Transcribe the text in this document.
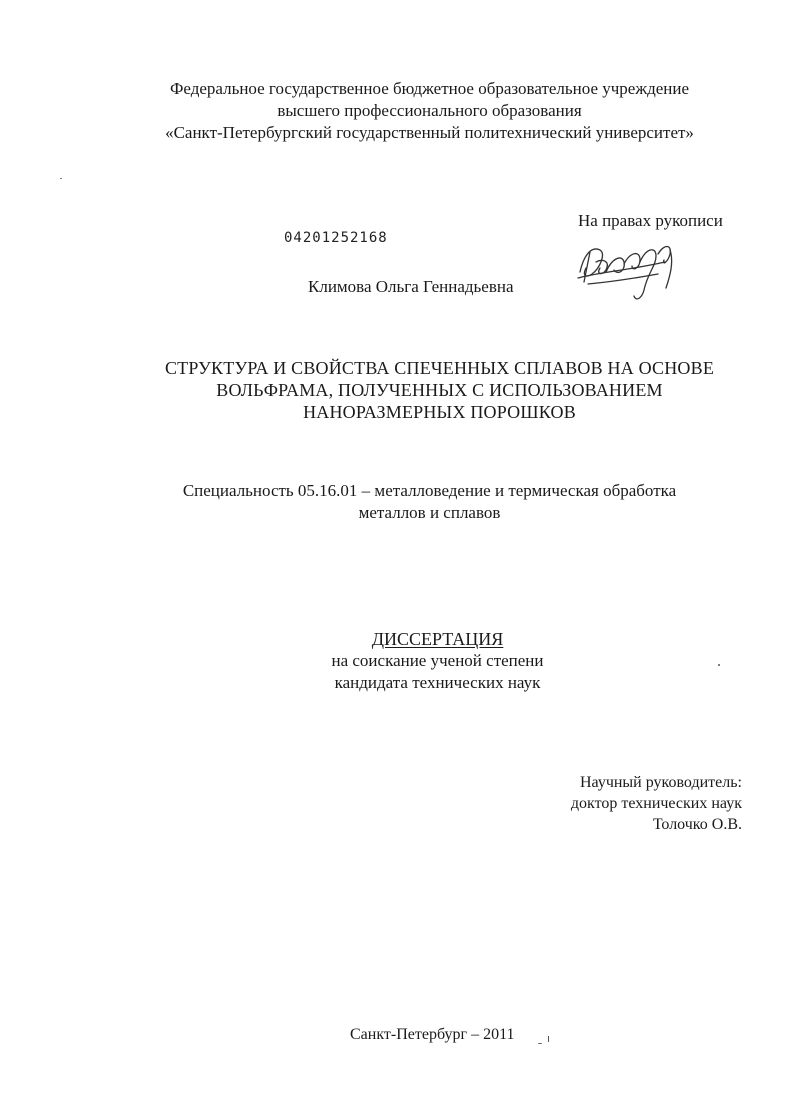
Федеральное государственное бюджетное образовательное учреждение
высшего профессионального образования
«Санкт-Петербургский государственный политехнический университет»
На правах рукописи
04201252168
Климова Ольга Геннадьевна
СТРУКТУРА И СВОЙСТВА СПЕЧЕННЫХ СПЛАВОВ НА ОСНОВЕ
ВОЛЬФРАМА, ПОЛУЧЕННЫХ С ИСПОЛЬЗОВАНИЕМ
НАНОРАЗМЕРНЫХ ПОРОШКОВ
Специальность 05.16.01 – металловедение и термическая обработка
металлов и сплавов
ДИССЕРТАЦИЯ
на соискание ученой степени
кандидата технических наук
Научный руководитель:
доктор технических наук
Толочко О.В.
Санкт-Петербург – 2011
